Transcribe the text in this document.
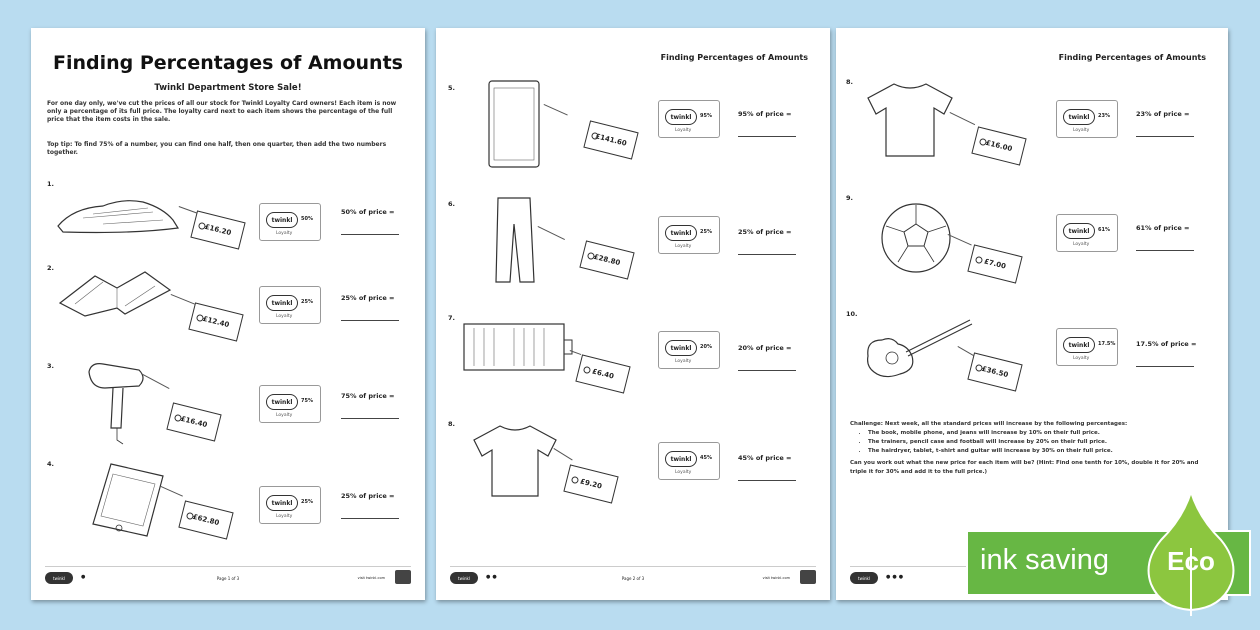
Finding Percentages of Amounts
Twinkl Department Store Sale!
For one day only, we've cut the prices of all our stock for Twinkl Loyalty Card owners! Each item is now only a percentage of its full price. The loyalty card next to each item shows the percentage of the full price that the item costs in the sale.
Top tip: To find 75% of a number, you can find one half, then one quarter, then add the two numbers together.
1.
£16.20
twinkl	50%
Loyalty
50% of price =
2.
£12.40
twinkl	25%
Loyalty
25% of price =
3.
£16.40
twinkl	75%
Loyalty
75% of price =
4.
£62.80
twinkl	25%
Loyalty
25% of price =
twinkl	●	Page 1 of 3	visit twinkl.com
Finding Percentages of Amounts
5.
£141.60
twinkl	95%
Loyalty
95% of price =
6.
£28.80
twinkl	25%
Loyalty
25% of price =
7.
£6.40
twinkl	20%
Loyalty
20% of price =
8.
£9.20
twinkl	45%
Loyalty
45% of price =
twinkl	●●	Page 2 of 3	visit twinkl.com
Finding Percentages of Amounts
8.
£16.00
twinkl	23%
Loyalty
23% of price =
9.
£7.00
twinkl	61%
Loyalty
61% of price =
10.
£36.50
twinkl	17.5%
Loyalty
17.5% of price =
Challenge: Next week, all the standard prices will increase by the following percentages:
• The book, mobile phone, and jeans will increase by 10% on their full price.
• The trainers, pencil case and football will increase by 20% on their full price.
• The hairdryer, tablet, t-shirt and guitar will increase by 30% on their full price.
Can you work out what the new price for each item will be? (Hint: Find one tenth for 10%, double it for 20% and triple it for 30% and add it to the full price.)
twinkl	●●●
ink saving Eco
